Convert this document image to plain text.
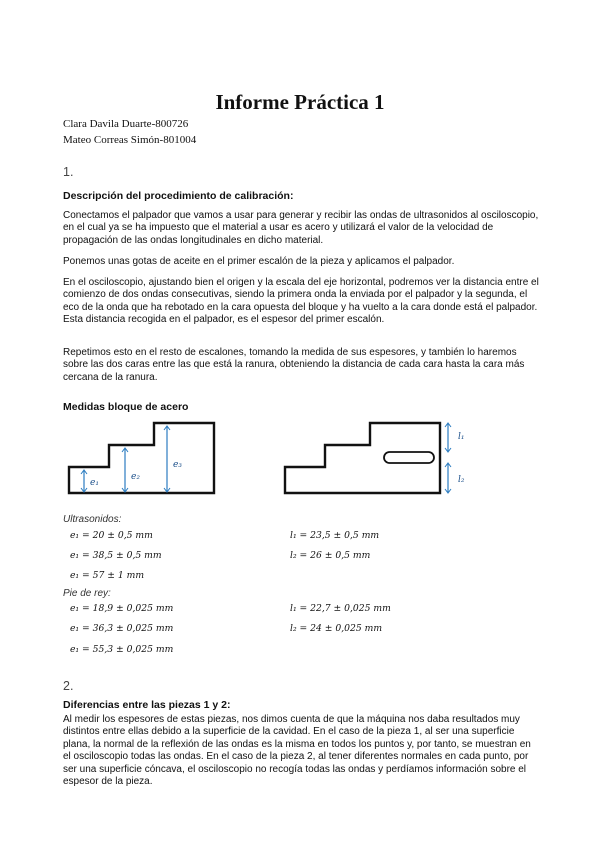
Informe Práctica 1
Clara Davila Duarte-800726
Mateo Correas Simón-801004
1.
Descripción del procedimiento de calibración:
Conectamos el palpador que vamos a usar para generar y recibir las ondas de ultrasonidos al osciloscopio, en el cual ya se ha impuesto que el material a usar es acero y utilizará el valor de la velocidad de propagación de las ondas longitudinales en dicho material.
Ponemos unas gotas de aceite en el primer escalón de la pieza y aplicamos el palpador.
En el osciloscopio, ajustando bien el origen y la escala del eje horizontal, podremos ver la distancia entre el comienzo de dos ondas consecutivas, siendo la primera onda la enviada por el palpador y la segunda, el eco de la onda que ha rebotado en la cara opuesta del bloque y ha vuelto a la cara donde está el palpador. Esta distancia recogida en el palpador, es el espesor del primer escalón.
Repetimos esto en el resto de escalones, tomando la medida de sus espesores, y también lo haremos sobre las dos caras entre las que está la ranura, obteniendo la distancia de cada cara hasta la cara más cercana de la ranura.
Medidas bloque de acero
e₁
e₂
e₃
l₁
l₂
Ultrasonidos:
e₁ = 20 ± 0,5 mm
e₁ = 38,5 ± 0,5 mm
e₁ = 57 ± 1 mm
l₁ = 23,5 ± 0,5 mm
l₂ = 26 ± 0,5 mm
Pie de rey:
e₁ = 18,9 ± 0,025 mm
e₁ = 36,3 ± 0,025 mm
e₁ = 55,3 ± 0,025 mm
l₁ = 22,7 ± 0,025 mm
l₂ = 24 ± 0,025 mm
2.
Diferencias entre las piezas 1 y 2:
Al medir los espesores de estas piezas, nos dimos cuenta de que la máquina nos daba resultados muy distintos entre ellas debido a la superficie de la cavidad. En el caso de la pieza 1, al ser una superficie plana, la normal de la reflexión de las ondas es la misma en todos los puntos y, por tanto, se muestran en el osciloscopio todas las ondas. En el caso de la pieza 2, al tener diferentes normales en cada punto, por ser una superficie cóncava, el osciloscopio no recogía todas las ondas y perdíamos información sobre el espesor de la pieza.
